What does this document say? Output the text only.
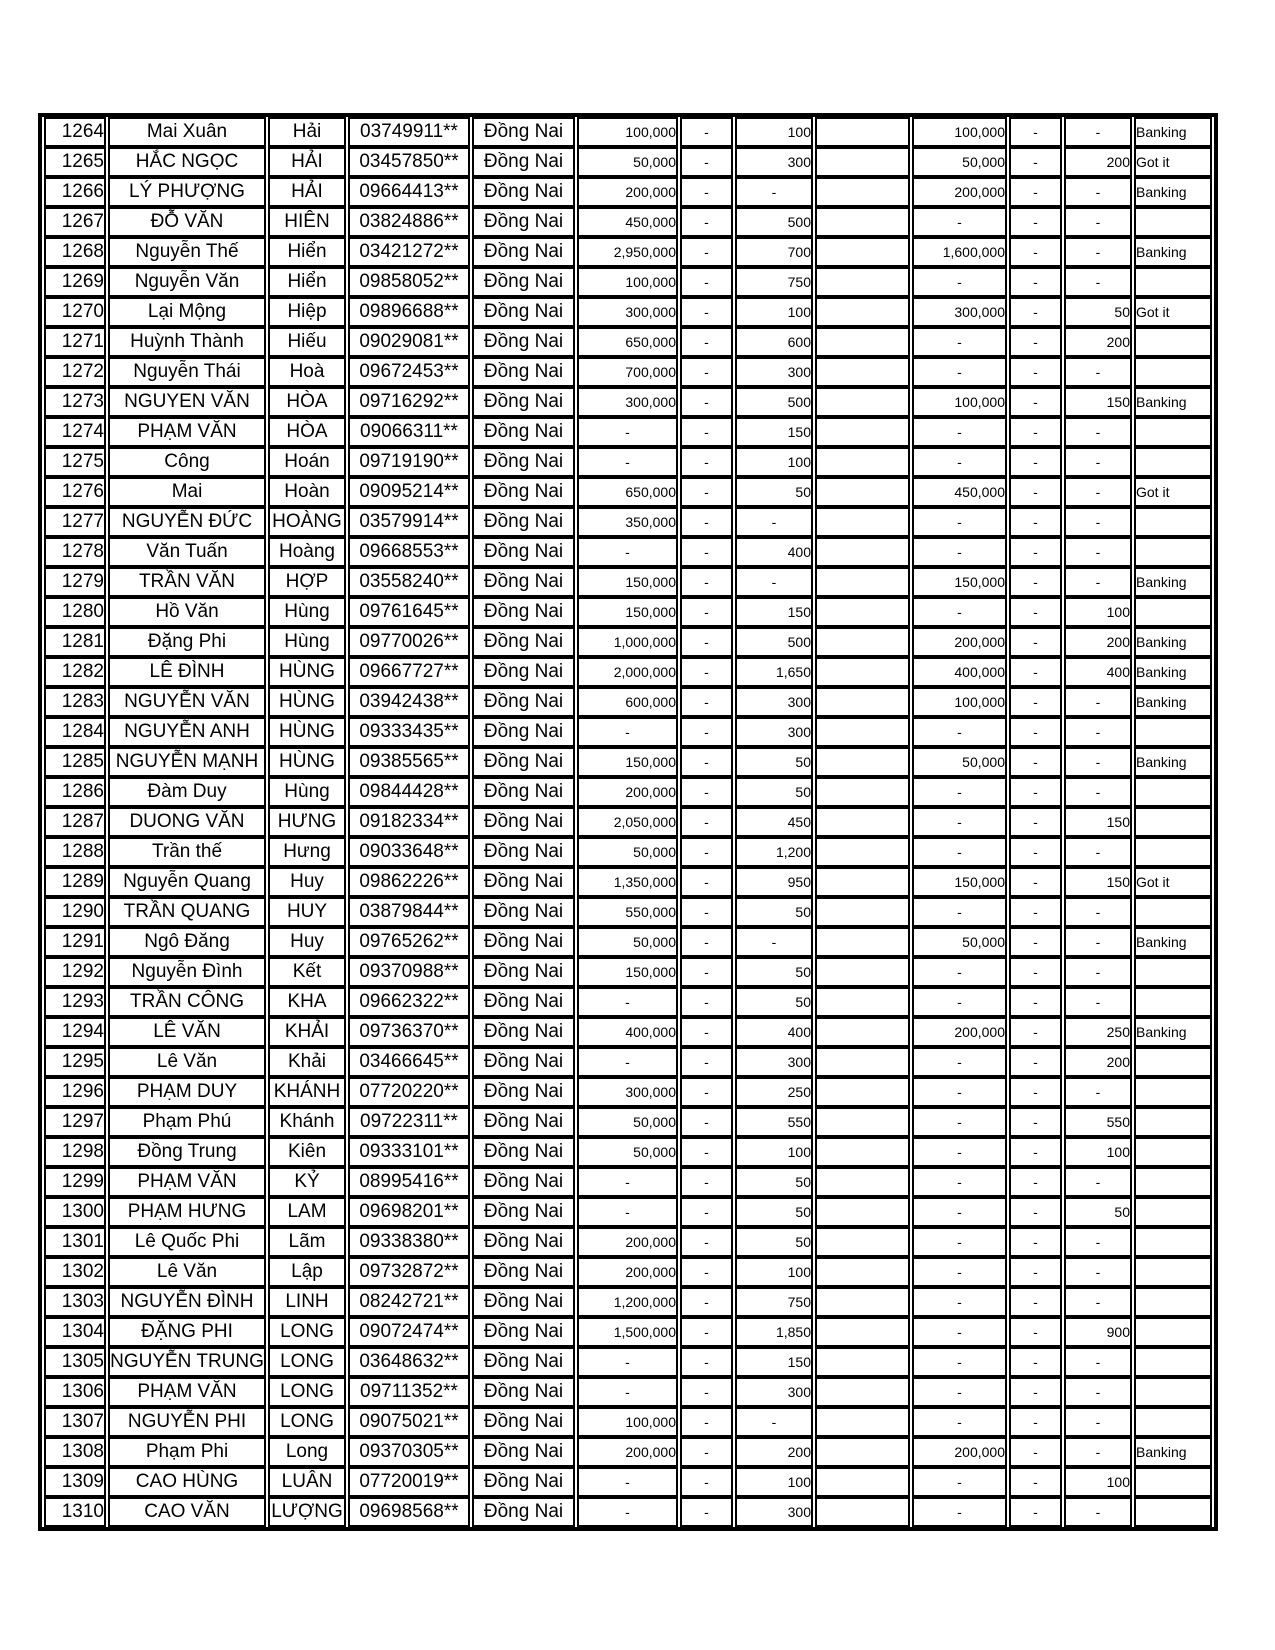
1264	Mai Xuân	Hải	03749911**	Đồng Nai	100,000	-	100		100,000	-	-	Banking
1265	HẮC NGỌC	HẢI	03457850**	Đồng Nai	50,000	-	300		50,000	-	200	Got it
1266	LÝ PHƯỢNG	HẢI	09664413**	Đồng Nai	200,000	-	-		200,000	-	-	Banking
1267	ĐỖ VĂN	HIÊN	03824886**	Đồng Nai	450,000	-	500		-	-	-	
1268	Nguyễn Thế	Hiển	03421272**	Đồng Nai	2,950,000	-	700		1,600,000	-	-	Banking
1269	Nguyễn Văn	Hiển	09858052**	Đồng Nai	100,000	-	750		-	-	-	
1270	Lại Mộng	Hiệp	09896688**	Đồng Nai	300,000	-	100		300,000	-	50	Got it
1271	Huỳnh Thành	Hiếu	09029081**	Đồng Nai	650,000	-	600		-	-	200	
1272	Nguyễn Thái	Hoà	09672453**	Đồng Nai	700,000	-	300		-	-	-	
1273	NGUYEN VĂN	HÒA	09716292**	Đồng Nai	300,000	-	500		100,000	-	150	Banking
1274	PHẠM VĂN	HÒA	09066311**	Đồng Nai	-	-	150		-	-	-	
1275	Công	Hoán	09719190**	Đồng Nai	-	-	100		-	-	-	
1276	Mai	Hoàn	09095214**	Đồng Nai	650,000	-	50		450,000	-	-	Got it
1277	NGUYỄN ĐỨC	HOÀNG	03579914**	Đồng Nai	350,000	-	-		-	-	-	
1278	Văn Tuấn	Hoàng	09668553**	Đồng Nai	-	-	400		-	-	-	
1279	TRẦN VĂN	HỢP	03558240**	Đồng Nai	150,000	-	-		150,000	-	-	Banking
1280	Hồ Văn	Hùng	09761645**	Đồng Nai	150,000	-	150		-	-	100	
1281	Đặng Phi	Hùng	09770026**	Đồng Nai	1,000,000	-	500		200,000	-	200	Banking
1282	LÊ ĐÌNH	HÙNG	09667727**	Đồng Nai	2,000,000	-	1,650		400,000	-	400	Banking
1283	NGUYỄN VĂN	HÙNG	03942438**	Đồng Nai	600,000	-	300		100,000	-	-	Banking
1284	NGUYỄN ANH	HÙNG	09333435**	Đồng Nai	-	-	300		-	-	-	
1285	NGUYỄN MẠNH	HÙNG	09385565**	Đồng Nai	150,000	-	50		50,000	-	-	Banking
1286	Đàm Duy	Hùng	09844428**	Đồng Nai	200,000	-	50		-	-	-	
1287	DUONG VĂN	HƯNG	09182334**	Đồng Nai	2,050,000	-	450		-	-	150	
1288	Trần thế	Hưng	09033648**	Đồng Nai	50,000	-	1,200		-	-	-	
1289	Nguyễn Quang	Huy	09862226**	Đồng Nai	1,350,000	-	950		150,000	-	150	Got it
1290	TRẦN QUANG	HUY	03879844**	Đồng Nai	550,000	-	50		-	-	-	
1291	Ngô Đăng	Huy	09765262**	Đồng Nai	50,000	-	-		50,000	-	-	Banking
1292	Nguyễn Đình	Kết	09370988**	Đồng Nai	150,000	-	50		-	-	-	
1293	TRẦN CÔNG	KHA	09662322**	Đồng Nai	-	-	50		-	-	-	
1294	LÊ VĂN	KHẢI	09736370**	Đồng Nai	400,000	-	400		200,000	-	250	Banking
1295	Lê Văn	Khải	03466645**	Đồng Nai	-	-	300		-	-	200	
1296	PHẠM DUY	KHÁNH	07720220**	Đồng Nai	300,000	-	250		-	-	-	
1297	Phạm Phú	Khánh	09722311**	Đồng Nai	50,000	-	550		-	-	550	
1298	Đồng Trung	Kiên	09333101**	Đồng Nai	50,000	-	100		-	-	100	
1299	PHẠM VĂN	KỶ	08995416**	Đồng Nai	-	-	50		-	-	-	
1300	PHẠM HƯNG	LAM	09698201**	Đồng Nai	-	-	50		-	-	50	
1301	Lê Quốc Phi	Lãm	09338380**	Đồng Nai	200,000	-	50		-	-	-	
1302	Lê Văn	Lập	09732872**	Đồng Nai	200,000	-	100		-	-	-	
1303	NGUYỄN ĐÌNH	LINH	08242721**	Đồng Nai	1,200,000	-	750		-	-	-	
1304	ĐẶNG PHI	LONG	09072474**	Đồng Nai	1,500,000	-	1,850		-	-	900	
1305	NGUYỄN TRUNG	LONG	03648632**	Đồng Nai	-	-	150		-	-	-	
1306	PHẠM VĂN	LONG	09711352**	Đồng Nai	-	-	300		-	-	-	
1307	NGUYỄN PHI	LONG	09075021**	Đồng Nai	100,000	-	-		-	-	-	
1308	Phạm Phi	Long	09370305**	Đồng Nai	200,000	-	200		200,000	-	-	Banking
1309	CAO HÙNG	LUÂN	07720019**	Đồng Nai	-	-	100		-	-	100	
1310	CAO VĂN	LƯỢNG	09698568**	Đồng Nai	-	-	300		-	-	-	
